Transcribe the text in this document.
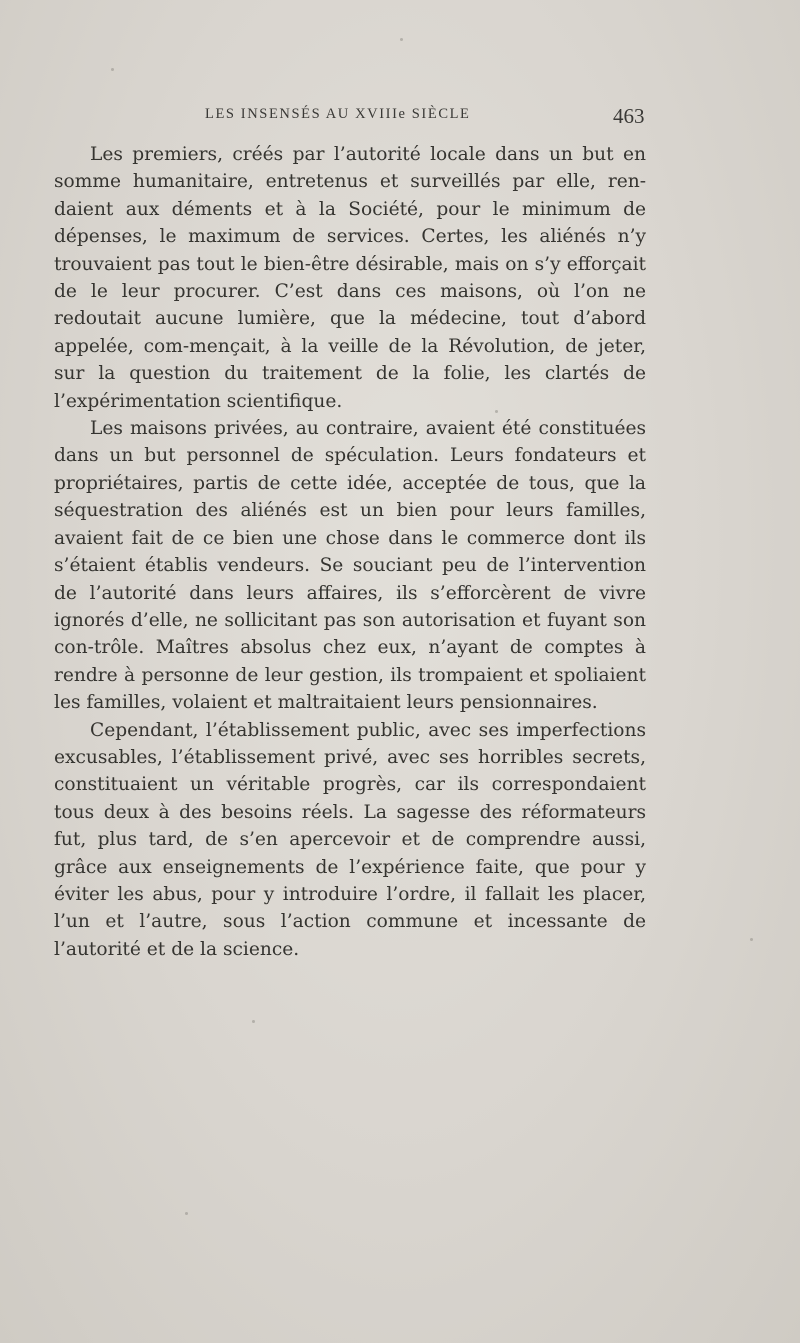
LES INSENSÉS AU XVIIIe SIÈCLE	463

Les premiers, créés par l’autorité locale dans un but en somme humanitaire, entretenus et surveillés par elle, ren-daient aux déments et à la Société, pour le minimum de dépenses, le maximum de services. Certes, les aliénés n’y trouvaient pas tout le bien-être désirable, mais on s’y efforçait de le leur procurer. C’est dans ces maisons, où l’on ne redoutait aucune lumière, que la médecine, tout d’abord appelée, com-mençait, à la veille de la Révolution, de jeter, sur la question du traitement de la folie, les clartés de l’expérimentation scientifique.

Les maisons privées, au contraire, avaient été constituées dans un but personnel de spéculation. Leurs fondateurs et propriétaires, partis de cette idée, acceptée de tous, que la séquestration des aliénés est un bien pour leurs familles, avaient fait de ce bien une chose dans le commerce dont ils s’étaient établis vendeurs. Se souciant peu de l’intervention de l’autorité dans leurs affaires, ils s’efforcèrent de vivre ignorés d’elle, ne sollicitant pas son autorisation et fuyant son con-trôle. Maîtres absolus chez eux, n’ayant de comptes à rendre à personne de leur gestion, ils trompaient et spoliaient les familles, volaient et maltraitaient leurs pensionnaires.

Cependant, l’établissement public, avec ses imperfections excusables, l’établissement privé, avec ses horribles secrets, constituaient un véritable progrès, car ils correspondaient tous deux à des besoins réels. La sagesse des réformateurs fut, plus tard, de s’en apercevoir et de comprendre aussi, grâce aux enseignements de l’expérience faite, que pour y éviter les abus, pour y introduire l’ordre, il fallait les placer, l’un et l’autre, sous l’action commune et incessante de l’autorité et de la science.
